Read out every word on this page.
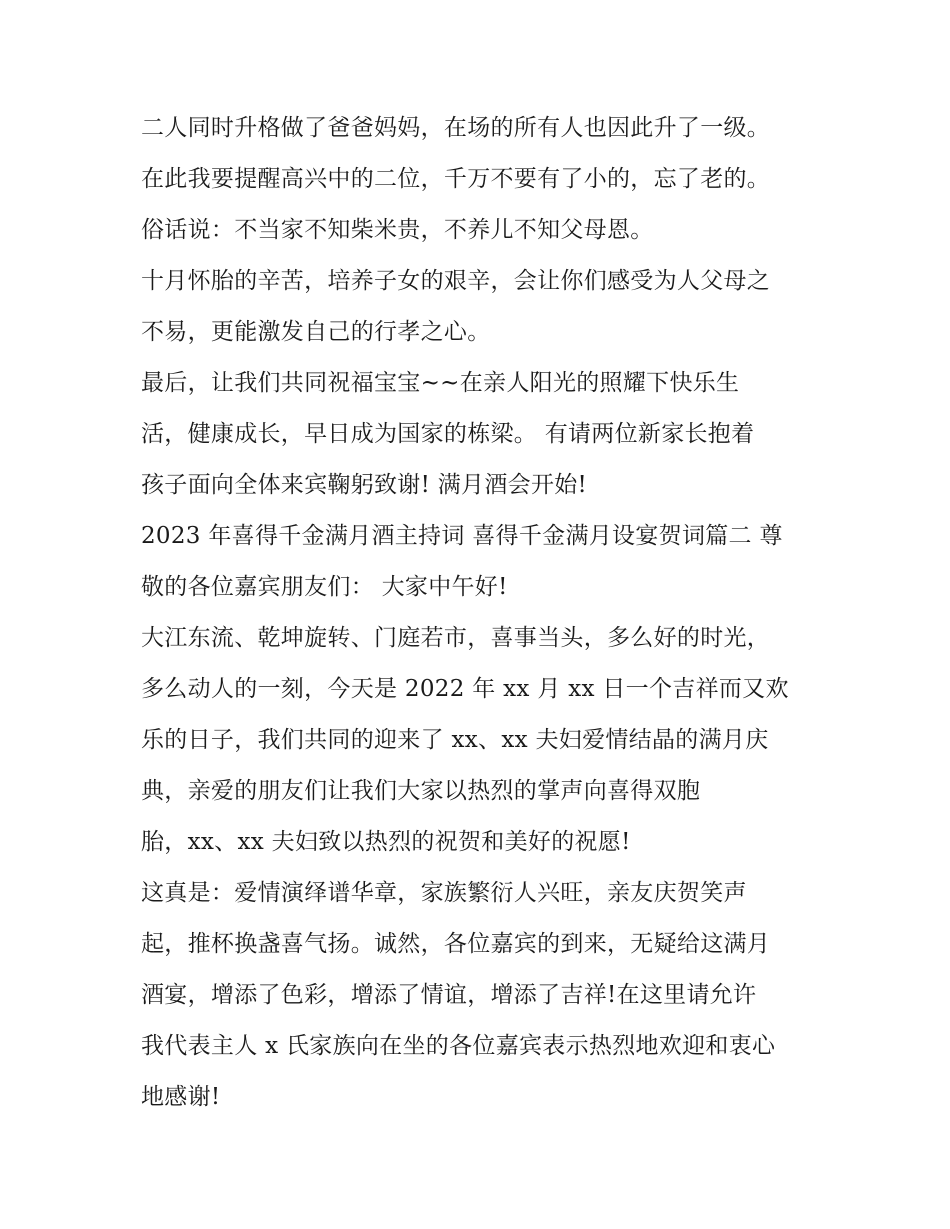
二人同时升格做了爸爸妈妈，在场的所有人也因此升了一级。
在此我要提醒高兴中的二位，千万不要有了小的，忘了老的。
俗话说：不当家不知柴米贵，不养儿不知父母恩。
十月怀胎的辛苦，培养子女的艰辛，会让你们感受为人父母之
不易，更能激发自己的行孝之心。
最后，让我们共同祝福宝宝~~在亲人阳光的照耀下快乐生
活，健康成长，早日成为国家的栋梁。 有请两位新家长抱着
孩子面向全体来宾鞠躬致谢! 满月酒会开始!
2023 年喜得千金满月酒主持词 喜得千金满月设宴贺词篇二 尊
敬的各位嘉宾朋友们： 大家中午好!
大江东流、乾坤旋转、门庭若市，喜事当头，多么好的时光，
多么动人的一刻，今天是 2022 年 xx 月 xx 日一个吉祥而又欢
乐的日子，我们共同的迎来了 xx、xx 夫妇爱情结晶的满月庆
典，亲爱的朋友们让我们大家以热烈的掌声向喜得双胞
胎，xx、xx 夫妇致以热烈的祝贺和美好的祝愿!
这真是：爱情演绎谱华章，家族繁衍人兴旺，亲友庆贺笑声
起，推杯换盏喜气扬。诚然，各位嘉宾的到来，无疑给这满月
酒宴，增添了色彩，增添了情谊，增添了吉祥!在这里请允许
我代表主人 x 氏家族向在坐的各位嘉宾表示热烈地欢迎和衷心
地感谢!
